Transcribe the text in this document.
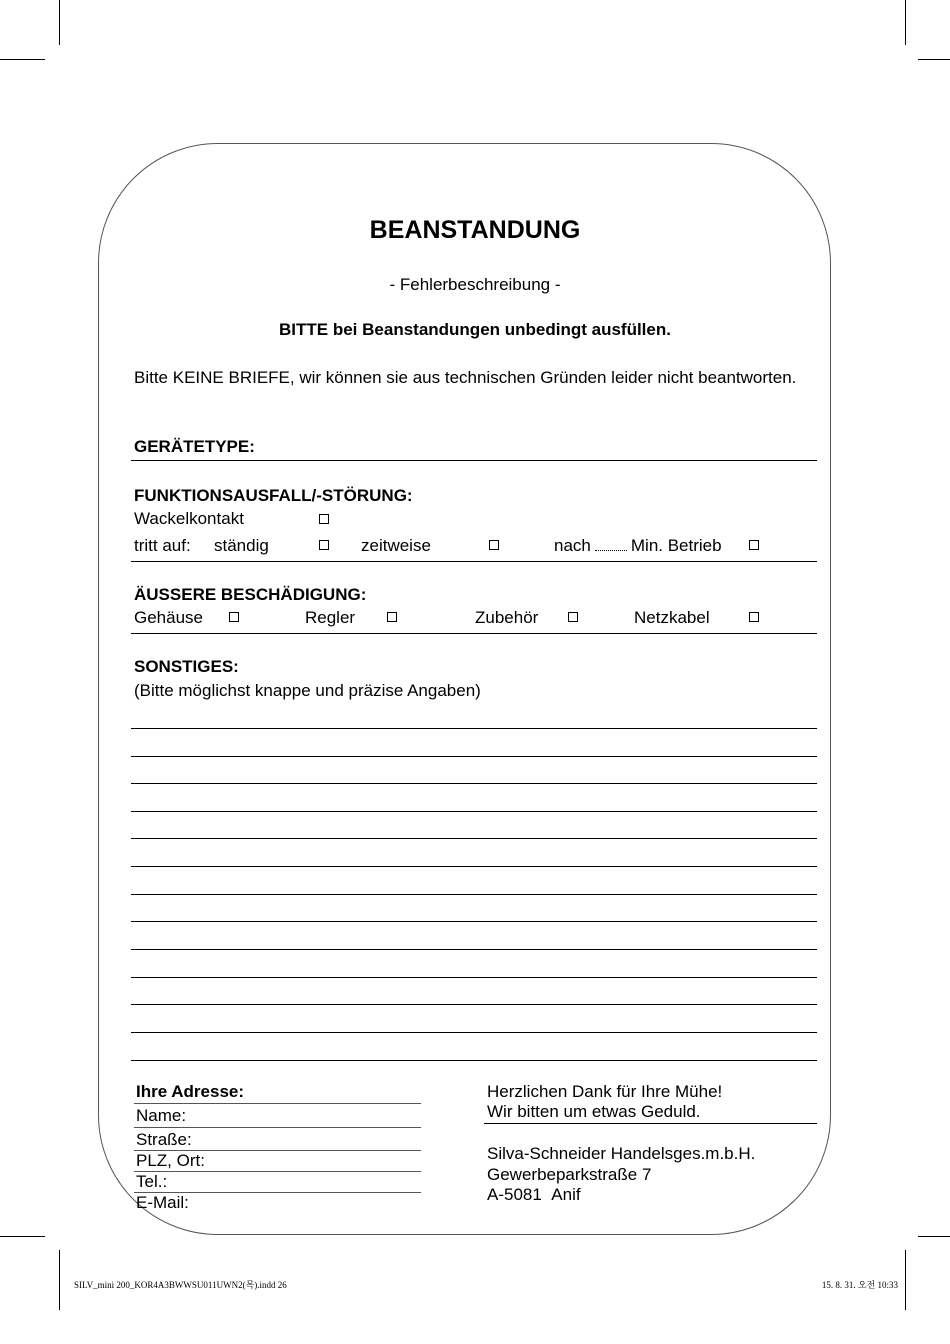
BEANSTANDUNG
- Fehlerbeschreibung -
BITTE bei Beanstandungen unbedingt ausfüllen.
Bitte KEINE BRIEFE, wir können sie aus technischen Gründen leider nicht beantworten.
GERÄTETYPE:
FUNKTIONSAUSFALL/-STÖRUNG:
Wackelkontakt
tritt auf: ständig	zeitweise	nach Min. Betrieb
ÄUSSERE BESCHÄDIGUNG:
Gehäuse	Regler	Zubehör	Netzkabel
SONSTIGES:
(Bitte möglichst knappe und präzise Angaben)
Ihre Adresse:
Name:
Straße:
PLZ, Ort:
Tel.:
E-Mail:
Herzlichen Dank für Ihre Mühe!
Wir bitten um etwas Geduld.
Silva-Schneider Handelsges.m.b.H.
Gewerbeparkstraße 7
A-5081 Anif
SILV_mini 200_KOR4A3BWWSU011UWN2(목).indd 26	15. 8. 31. 오전 10:33
